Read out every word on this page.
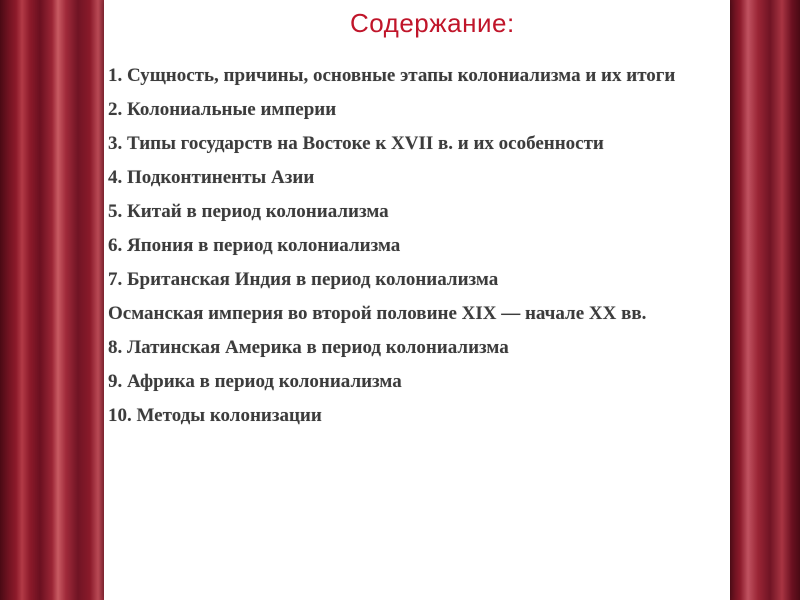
Содержание:
1. Сущность, причины, основные этапы колониализма и их итоги
2. Колониальные империи
3. Типы государств на Востоке к XVII в. и их особенности
4. Подконтиненты Азии
5. Китай в период колониализма
6. Япония в период колониализма
7. Британская Индия в период колониализма
Османская империя во второй половине XIX — начале XX вв.
8. Латинская Америка в период колониализма
9. Африка в период колониализма
10. Методы колонизации
